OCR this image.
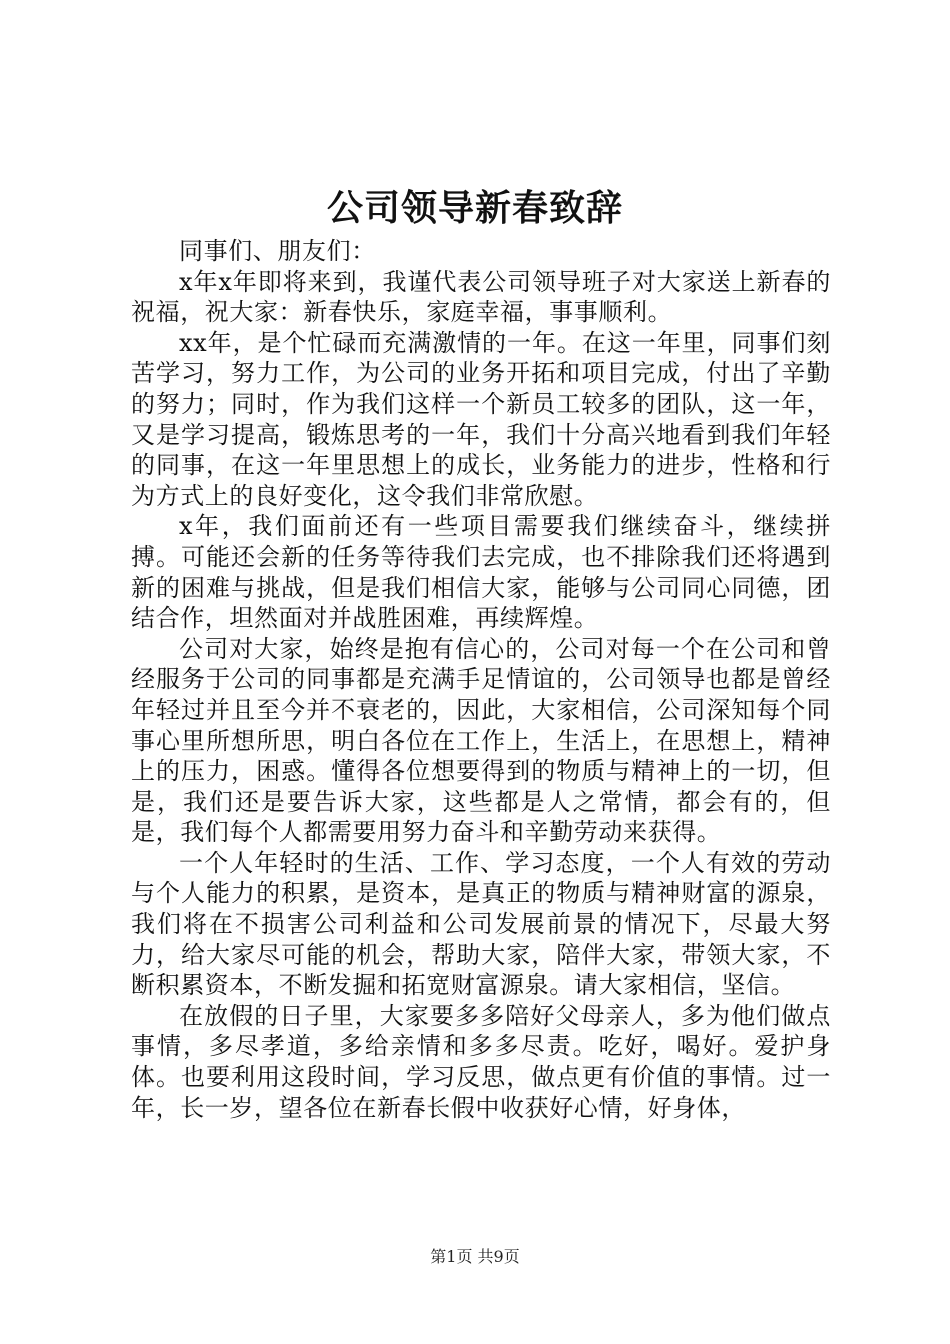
公司领导新春致辞

同事们、朋友们：

x年x年即将来到，我谨代表公司领导班子对大家送上新春的祝福，祝大家：新春快乐，家庭幸福，事事顺利。

xx年，是个忙碌而充满激情的一年。在这一年里，同事们刻苦学习，努力工作，为公司的业务开拓和项目完成，付出了辛勤的努力；同时，作为我们这样一个新员工较多的团队，这一年，又是学习提高，锻炼思考的一年，我们十分高兴地看到我们年轻的同事，在这一年里思想上的成长，业务能力的进步，性格和行为方式上的良好变化，这令我们非常欣慰。

x年，我们面前还有一些项目需要我们继续奋斗，继续拼搏。可能还会新的任务等待我们去完成，也不排除我们还将遇到新的困难与挑战，但是我们相信大家，能够与公司同心同德，团结合作，坦然面对并战胜困难，再续辉煌。

公司对大家，始终是抱有信心的，公司对每一个在公司和曾经服务于公司的同事都是充满手足情谊的，公司领导也都是曾经年轻过并且至今并不衰老的，因此，大家相信，公司深知每个同事心里所想所思，明白各位在工作上，生活上，在思想上，精神上的压力，困惑。懂得各位想要得到的物质与精神上的一切，但是，我们还是要告诉大家，这些都是人之常情，都会有的，但是，我们每个人都需要用努力奋斗和辛勤劳动来获得。

一个人年轻时的生活、工作、学习态度，一个人有效的劳动与个人能力的积累，是资本，是真正的物质与精神财富的源泉，我们将在不损害公司利益和公司发展前景的情况下，尽最大努力，给大家尽可能的机会，帮助大家，陪伴大家，带领大家，不断积累资本，不断发掘和拓宽财富源泉。请大家相信，坚信。

在放假的日子里，大家要多多陪好父母亲人，多为他们做点事情，多尽孝道，多给亲情和多多尽责。吃好，喝好。爱护身体。也要利用这段时间，学习反思，做点更有价值的事情。过一年，长一岁，望各位在新春长假中收获好心情，好身体，

第1页 共9页
